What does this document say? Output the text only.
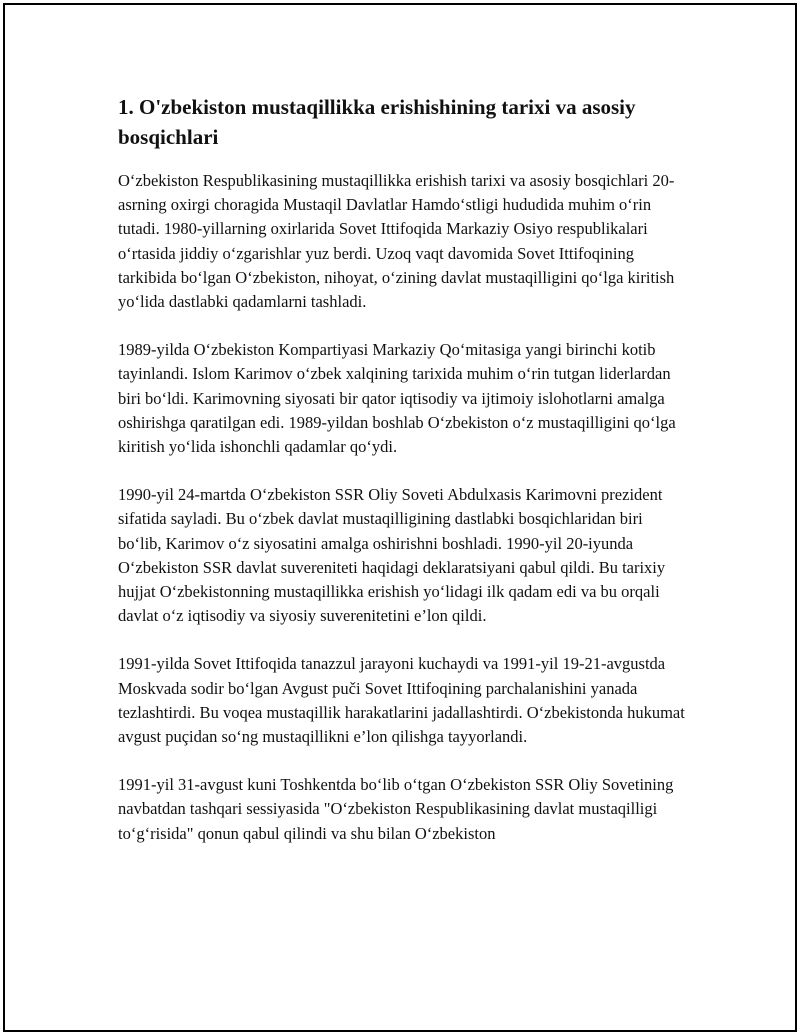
1. O'zbekiston mustaqillikka erishishining tarixi va asosiy bosqichlari

O‘zbekiston Respublikasining mustaqillikka erishish tarixi va asosiy bosqichlari 20-asrning oxirgi choragida Mustaqil Davlatlar Hamdo‘stligi hududida muhim o‘rin tutadi. 1980-yillarning oxirlarida Sovet Ittifoqida Markaziy Osiyo respublikalari o‘rtasida jiddiy o‘zgarishlar yuz berdi. Uzoq vaqt davomida Sovet Ittifoqining tarkibida bo‘lgan O‘zbekiston, nihoyat, o‘zining davlat mustaqilligini qo‘lga kiritish yo‘lida dastlabki qadamlarni tashladi.

1989-yilda O‘zbekiston Kompartiyasi Markaziy Qo‘mitasiga yangi birinchi kotib tayinlandi. Islom Karimov o‘zbek xalqining tarixida muhim o‘rin tutgan liderlardan biri bo‘ldi. Karimovning siyosati bir qator iqtisodiy va ijtimoiy islohotlarni amalga oshirishga qaratilgan edi. 1989-yildan boshlab O‘zbekiston o‘z mustaqilligini qo‘lga kiritish yo‘lida ishonchli qadamlar qo‘ydi.

1990-yil 24-martda O‘zbekiston SSR Oliy Soveti Abdulxasis Karimovni prezident sifatida sayladi. Bu o‘zbek davlat mustaqilligining dastlabki bosqichlaridan biri bo‘lib, Karimov o‘z siyosatini amalga oshirishni boshladi. 1990-yil 20-iyunda O‘zbekiston SSR davlat suvereniteti haqidagi deklaratsiyani qabul qildi. Bu tarixiy hujjat O‘zbekistonning mustaqillikka erishish yo‘lidagi ilk qadam edi va bu orqali davlat o‘z iqtisodiy va siyosiy suverenitetini e’lon qildi.

1991-yilda Sovet Ittifoqida tanazzul jarayoni kuchaydi va 1991-yil 19-21-avgustda Moskvada sodir bo‘lgan Avgust puči Sovet Ittifoqining parchalanishini yanada tezlashtirdi. Bu voqea mustaqillik harakatlarini jadallashtirdi. O‘zbekistonda hukumat avgust puçidan so‘ng mustaqillikni e’lon qilishga tayyorlandi.

1991-yil 31-avgust kuni Toshkentda bo‘lib o‘tgan O‘zbekiston SSR Oliy Sovetining navbatdan tashqari sessiyasida "O‘zbekiston Respublikasining davlat mustaqilligi to‘g‘risida" qonun qabul qilindi va shu bilan O‘zbekiston
